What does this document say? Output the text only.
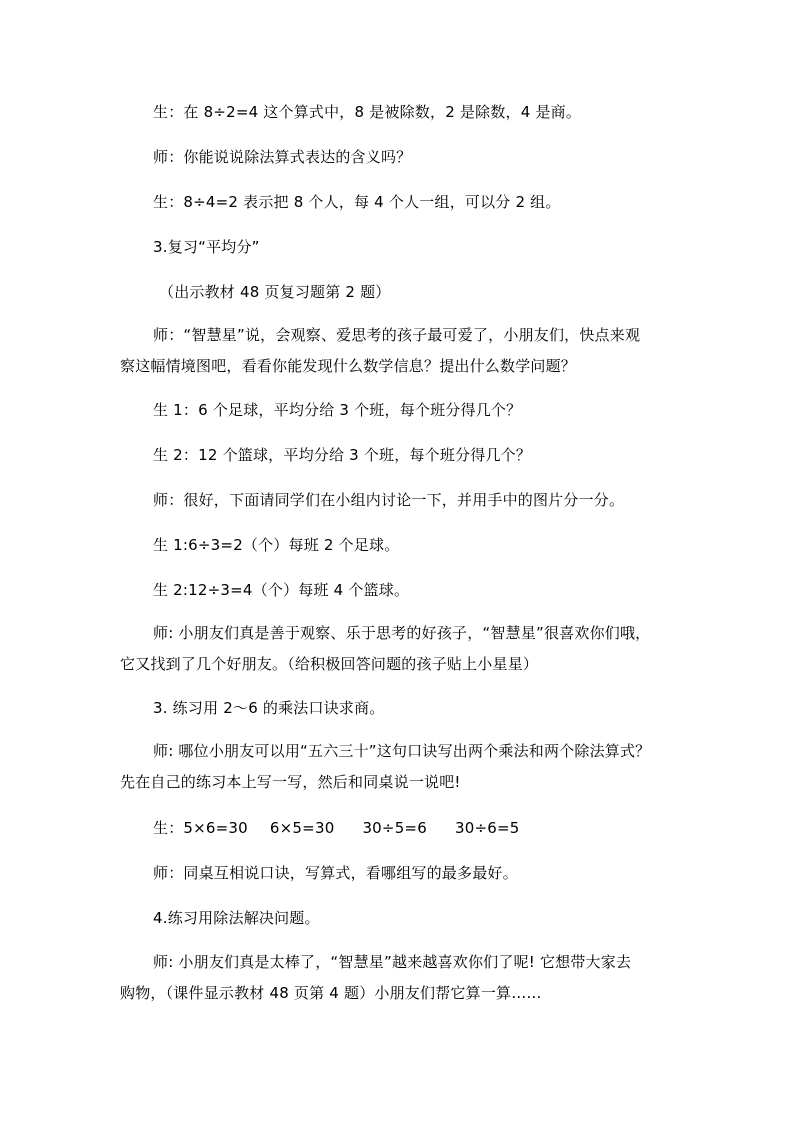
生：在 8÷2=4 这个算式中，8 是被除数，2 是除数，4 是商。
师：你能说说除法算式表达的含义吗？
生：8÷4=2 表示把 8 个人，每 4 个人一组，可以分 2 组。
3.复习“平均分”
（出示教材 48 页复习题第 2 题）
师：“智慧星”说，会观察、爱思考的孩子最可爱了，小朋友们，快点来观
察这幅情境图吧，看看你能发现什么数学信息？提出什么数学问题？
生 1：6 个足球，平均分给 3 个班，每个班分得几个？
生 2：12 个篮球，平均分给 3 个班，每个班分得几个？
师：很好，下面请同学们在小组内讨论一下，并用手中的图片分一分。
生 1:6÷3=2（个）每班 2 个足球。
生 2:12÷3=4（个）每班 4 个篮球。
师: 小朋友们真是善于观察、乐于思考的好孩子，“智慧星”很喜欢你们哦，
它又找到了几个好朋友。（给积极回答问题的孩子贴上小星星）
3. 练习用 2～6 的乘法口诀求商。
师: 哪位小朋友可以用“五六三十”这句口诀写出两个乘法和两个除法算式？
先在自己的练习本上写一写，然后和同桌说一说吧!
生：5×6=30 6×5=30 30÷5=6 30÷6=5
师：同桌互相说口诀，写算式，看哪组写的最多最好。
4.练习用除法解决问题。
师: 小朋友们真是太棒了，“智慧星”越来越喜欢你们了呢! 它想带大家去
购物，（课件显示教材 48 页第 4 题）小朋友们帮它算一算……
